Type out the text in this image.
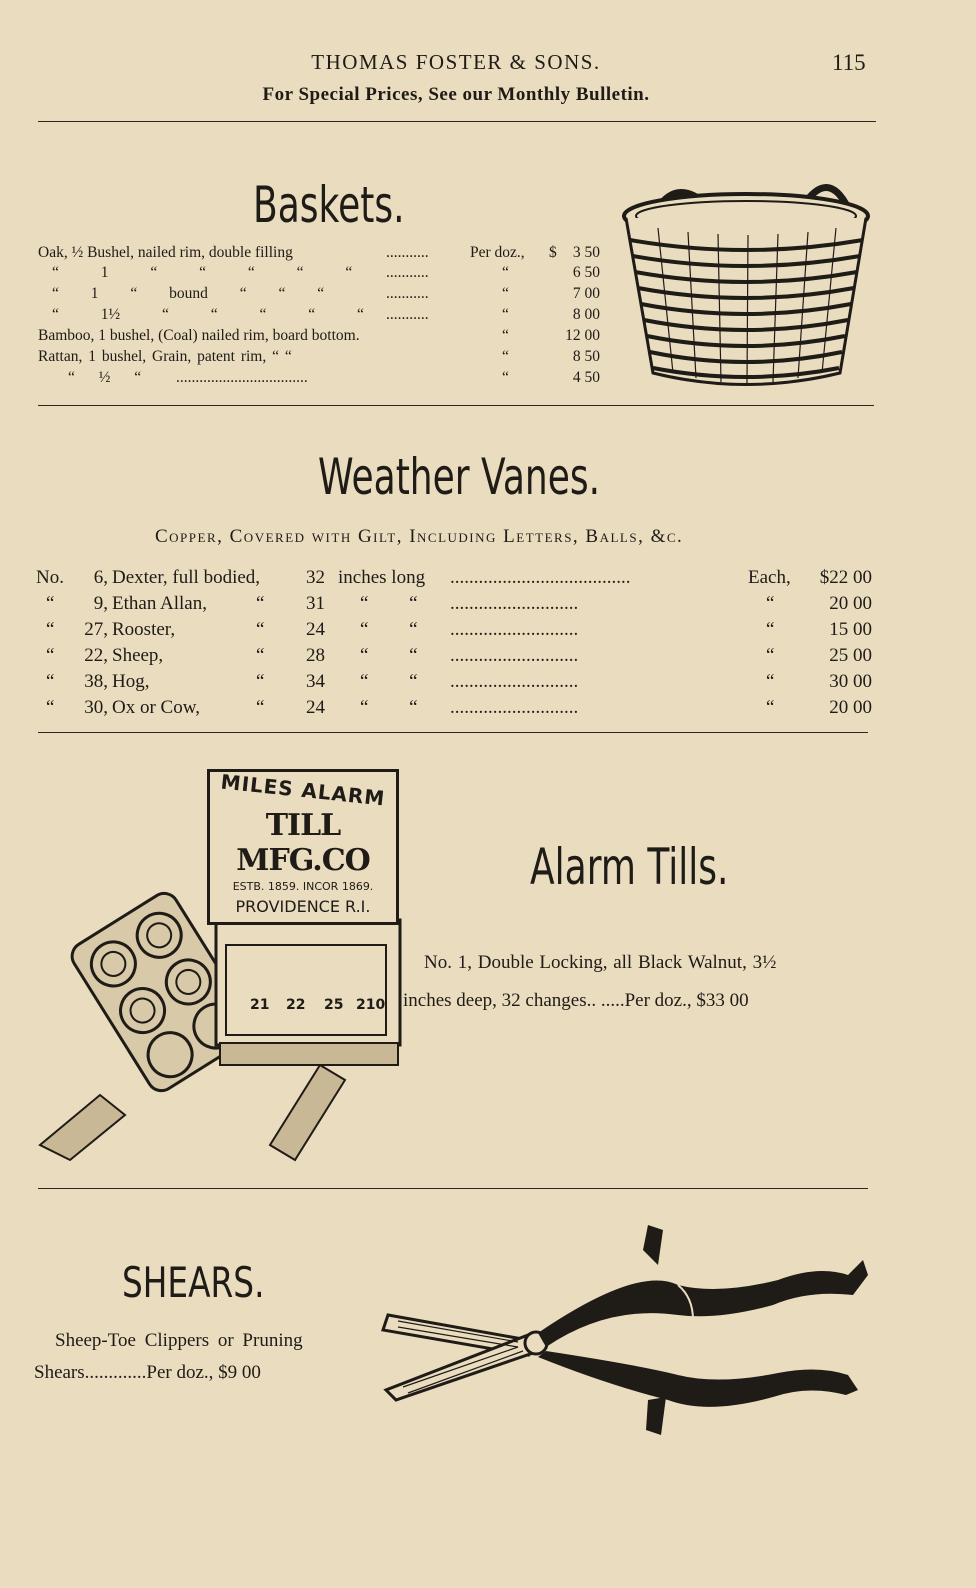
THOMAS FOSTER & SONS.	115
For Special Prices, See our Monthly Bulletin.
Baskets.
Oak, ½ Bushel, nailed rim, double filling	...........	Per doz., $	3 50
“ 1 “ “ “ “ “ ...........	“	6 50
“ 1 “ bound “ “ “	...........	“	7 00
“ 1½ “ “ “ “ “ ...........	“	8 00
Bamboo, 1 bushel, (Coal) nailed rim, board bottom.	“	12 00
Rattan, 1 bushel, Grain, patent rim, “ “	“	8 50
“ ½ “ ..................................	“	4 50
Weather Vanes.
Copper, Covered with Gilt, Including Letters, Balls, &c.
No.	6, Dexter, full bodied, 32 inches long ......................................	Each,	$22 00
“	9, Ethan Allan,	“ 31 “ “ ...........................	“	20 00
“	27, Rooster,	“ 24 “ “ ...........................	“	15 00
“	22, Sheep,	“ 28 “ “ ...........................	“	25 00
“	38, Hog,	“ 34 “ “ ...........................	“	30 00
“	30, Ox or Cow,	“ 24 “ “ ...........................	“	20 00
MILES ALARM
TILL MFG.CO
ESTB. 1859. INCOR 1869.
PROVIDENCE R.I.
21 22 25 210
Alarm Tills.
No. 1, Double Locking, all Black Walnut, 3½
inches deep, 32 changes.. .....Per doz., $33 00
SHEARS.
Sheep-Toe Clippers or Pruning
Shears.............Per doz., $9 00
